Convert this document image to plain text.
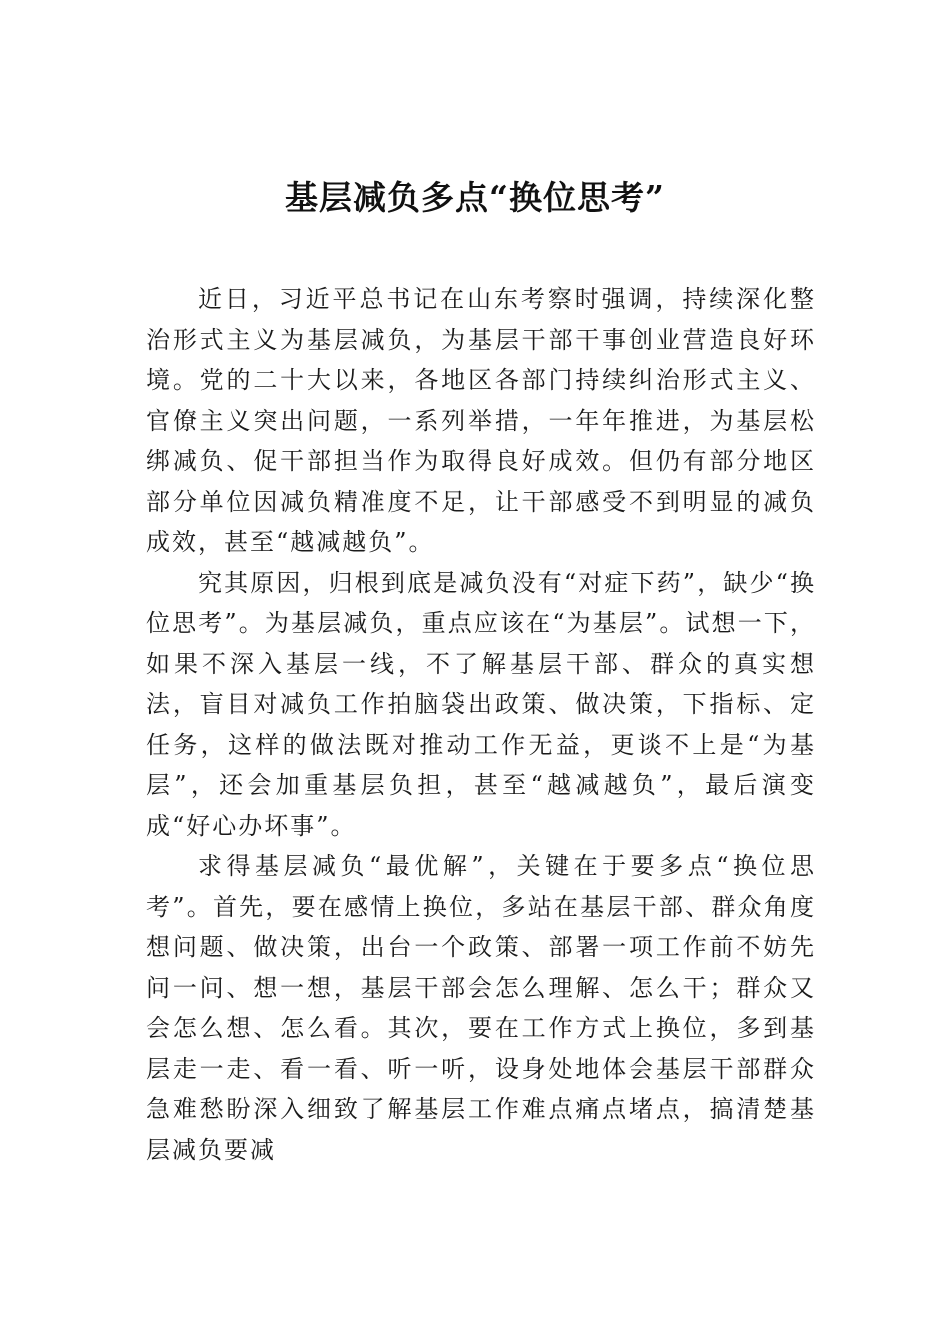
基层减负多点“换位思考”

近日，习近平总书记在山东考察时强调，持续深化整治形式主义为基层减负，为基层干部干事创业营造良好环境。党的二十大以来，各地区各部门持续纠治形式主义、官僚主义突出问题，一系列举措，一年年推进，为基层松绑减负、促干部担当作为取得良好成效。但仍有部分地区部分单位因减负精准度不足，让干部感受不到明显的减负成效，甚至“越减越负”。

究其原因，归根到底是减负没有“对症下药”，缺少“换位思考”。为基层减负，重点应该在“为基层”。试想一下，如果不深入基层一线，不了解基层干部、群众的真实想法，盲目对减负工作拍脑袋出政策、做决策，下指标、定任务，这样的做法既对推动工作无益，更谈不上是“为基层”，还会加重基层负担，甚至“越减越负”，最后演变成“好心办坏事”。

求得基层减负“最优解”，关键在于要多点“换位思考”。首先，要在感情上换位，多站在基层干部、群众角度想问题、做决策，出台一个政策、部署一项工作前不妨先问一问、想一想，基层干部会怎么理解、怎么干；群众又会怎么想、怎么看。其次，要在工作方式上换位，多到基层走一走、看一看、听一听，设身处地体会基层干部群众急难愁盼深入细致了解基层工作难点痛点堵点，搞清楚基层减负要减
